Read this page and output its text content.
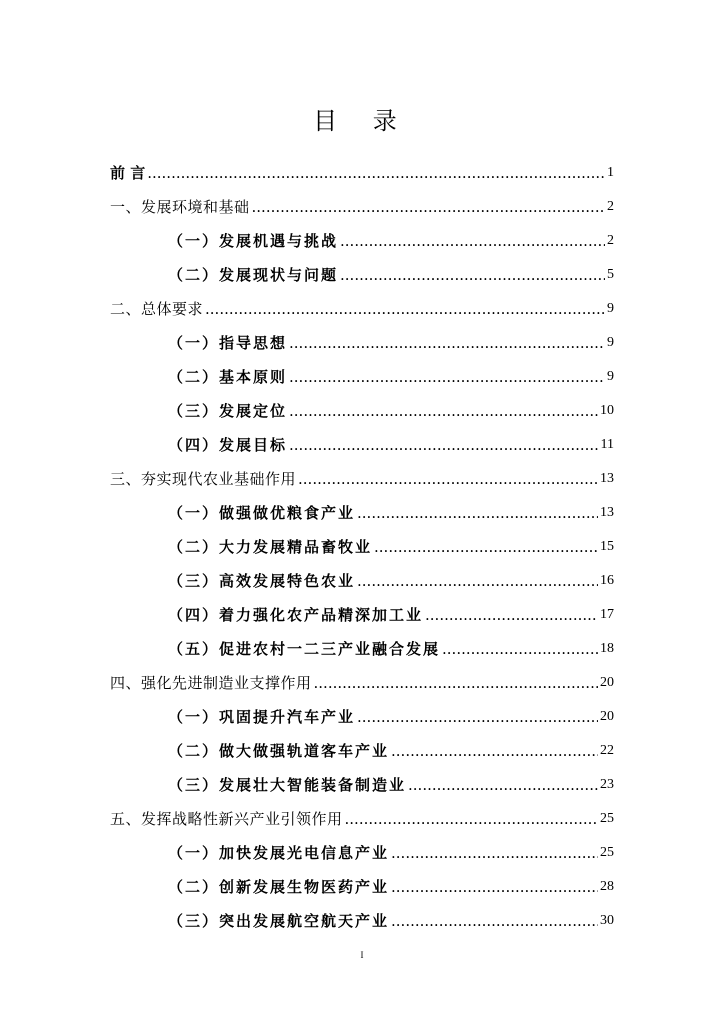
目 录
前 言 .....	1
一、发展环境和基础 .....	2
（一）发展机遇与挑战 .....	2
（二）发展现状与问题 .....	5
二、总体要求 .....	9
（一）指导思想 .....	9
（二）基本原则 .....	9
（三）发展定位 .....	10
（四）发展目标 .....	11
三、夯实现代农业基础作用 .....	13
（一）做强做优粮食产业 .....	13
（二）大力发展精品畜牧业 .....	15
（三）高效发展特色农业 .....	16
（四）着力强化农产品精深加工业 .....	17
（五）促进农村一二三产业融合发展 .....	18
四、强化先进制造业支撑作用 .....	20
（一）巩固提升汽车产业 .....	20
（二）做大做强轨道客车产业 .....	22
（三）发展壮大智能装备制造业 .....	23
五、发挥战略性新兴产业引领作用 .....	25
（一）加快发展光电信息产业 .....	25
（二）创新发展生物医药产业 .....	28
（三）突出发展航空航天产业 .....	30
I
